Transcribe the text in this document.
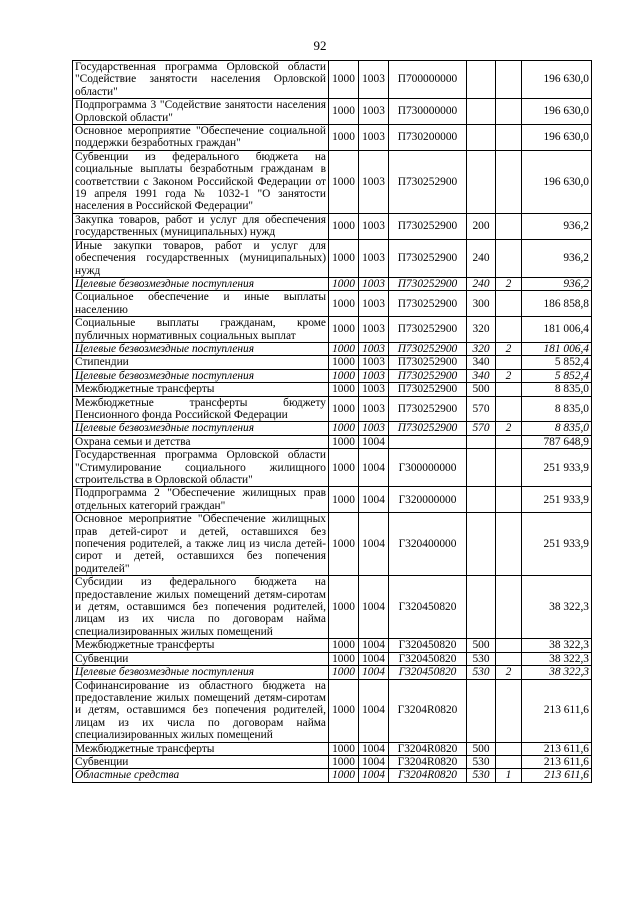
92
Государственная программа Орловской области "Содействие занятости населения Орловской области"	1000	1003	П700000000			196 630,0
Подпрограмма 3 "Содействие занятости населения Орловской области"	1000	1003	П730000000			196 630,0
Основное мероприятие "Обеспечение социальной поддержки безработных граждан"	1000	1003	П730200000			196 630,0
Субвенции из федерального бюджета на социальные выплаты безработным гражданам в соответствии с Законом Российской Федерации от 19 апреля 1991 года № 1032-1 "О занятости населения в Российской Федерации"	1000	1003	П730252900			196 630,0
Закупка товаров, работ и услуг для обеспечения государственных (муниципальных) нужд	1000	1003	П730252900	200		936,2
Иные закупки товаров, работ и услуг для обеспечения государственных (муниципальных) нужд	1000	1003	П730252900	240		936,2
Целевые безвозмездные поступления	1000	1003	П730252900	240	2	936,2
Социальное обеспечение и иные выплаты населению	1000	1003	П730252900	300		186 858,8
Социальные выплаты гражданам, кроме публичных нормативных социальных выплат	1000	1003	П730252900	320		181 006,4
Целевые безвозмездные поступления	1000	1003	П730252900	320	2	181 006,4
Стипендии	1000	1003	П730252900	340		5 852,4
Целевые безвозмездные поступления	1000	1003	П730252900	340	2	5 852,4
Межбюджетные трансферты	1000	1003	П730252900	500		8 835,0
Межбюджетные трансферты бюджету Пенсионного фонда Российской Федерации	1000	1003	П730252900	570		8 835,0
Целевые безвозмездные поступления	1000	1003	П730252900	570	2	8 835,0
Охрана семьи и детства	1000	1004				787 648,9
Государственная программа Орловской области "Стимулирование социального жилищного строительства в Орловской области"	1000	1004	Г300000000			251 933,9
Подпрограмма 2 "Обеспечение жилищных прав отдельных категорий граждан"	1000	1004	Г320000000			251 933,9
Основное мероприятие "Обеспечение жилищных прав детей-сирот и детей, оставшихся без попечения родителей, а также лиц из числа детей-сирот и детей, оставшихся без попечения родителей"	1000	1004	Г320400000			251 933,9
Субсидии из федерального бюджета на предоставление жилых помещений детям-сиротам и детям, оставшимся без попечения родителей, лицам из их числа по договорам найма специализированных жилых помещений	1000	1004	Г320450820			38 322,3
Межбюджетные трансферты	1000	1004	Г320450820	500		38 322,3
Субвенции	1000	1004	Г320450820	530		38 322,3
Целевые безвозмездные поступления	1000	1004	Г320450820	530	2	38 322,3
Софинансирование из областного бюджета на предоставление жилых помещений детям-сиротам и детям, оставшимся без попечения родителей, лицам из их числа по договорам найма специализированных жилых помещений	1000	1004	Г3204R0820			213 611,6
Межбюджетные трансферты	1000	1004	Г3204R0820	500		213 611,6
Субвенции	1000	1004	Г3204R0820	530		213 611,6
Областные средства	1000	1004	Г3204R0820	530	1	213 611,6
